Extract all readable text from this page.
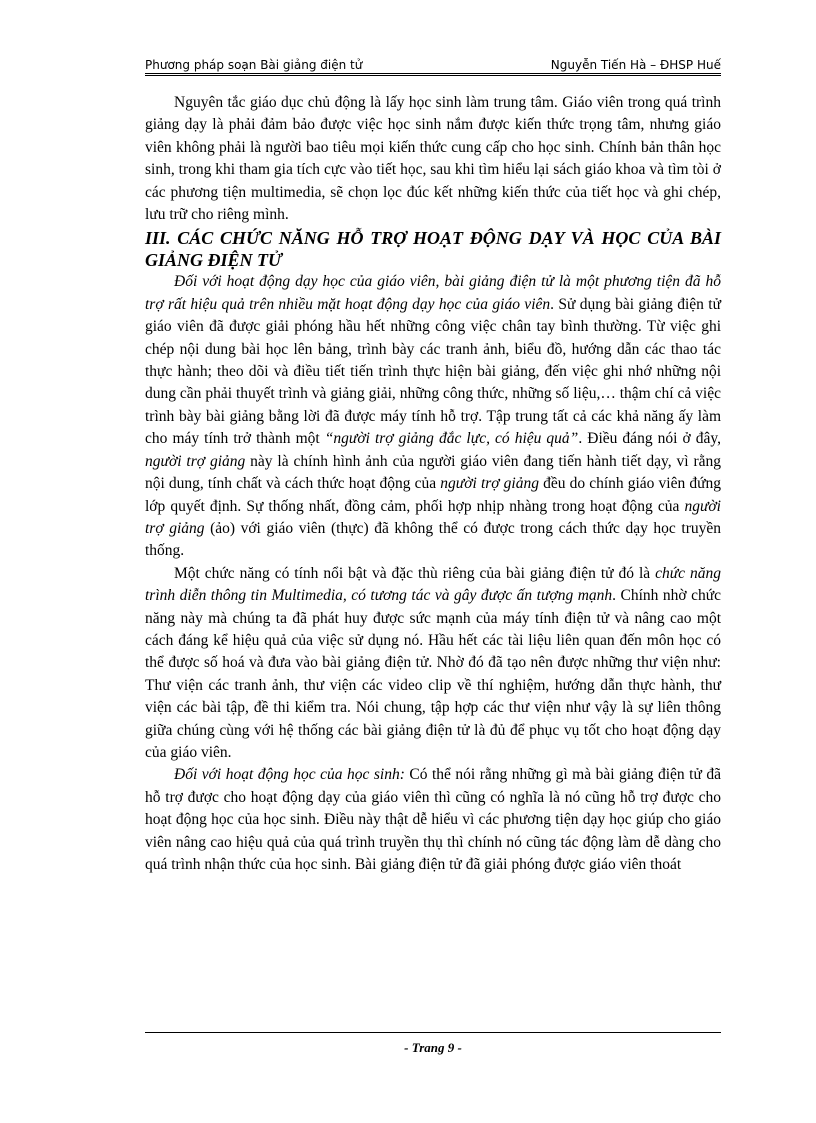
Phương pháp soạn Bài giảng điện tử	Nguyễn Tiến Hà – ĐHSP Huế

Nguyên tắc giáo dục chủ động là lấy học sinh làm trung tâm. Giáo viên trong quá trình giảng dạy là phải đảm bảo được việc học sinh nắm được kiến thức trọng tâm, nhưng giáo viên không phải là người bao tiêu mọi kiến thức cung cấp cho học sinh. Chính bản thân học sinh, trong khi tham gia tích cực vào tiết học, sau khi tìm hiểu lại sách giáo khoa và tìm tòi ở các phương tiện multimedia, sẽ chọn lọc đúc kết những kiến thức của tiết học và ghi chép, lưu trữ cho riêng mình.

III. CÁC CHỨC NĂNG HỖ TRỢ HOẠT ĐỘNG DẠY VÀ HỌC CỦA BÀI GIẢNG ĐIỆN TỬ

Đối với hoạt động dạy học của giáo viên, bài giảng điện tử là một phương tiện đã hỗ trợ rất hiệu quả trên nhiều mặt hoạt động dạy học của giáo viên. Sử dụng bài giảng điện tử giáo viên đã được giải phóng hầu hết những công việc chân tay bình thường. Từ việc ghi chép nội dung bài học lên bảng, trình bày các tranh ảnh, biểu đồ, hướng dẫn các thao tác thực hành; theo dõi và điều tiết tiến trình thực hiện bài giảng, đến việc ghi nhớ những nội dung cần phải thuyết trình và giảng giải, những công thức, những số liệu,… thậm chí cả việc trình bày bài giảng bằng lời đã được máy tính hỗ trợ. Tập trung tất cả các khả năng ấy làm cho máy tính trở thành một “người trợ giảng đắc lực, có hiệu quả”. Điều đáng nói ở đây, người trợ giảng này là chính hình ảnh của người giáo viên đang tiến hành tiết dạy, vì rằng nội dung, tính chất và cách thức hoạt động của người trợ giảng đều do chính giáo viên đứng lớp quyết định. Sự thống nhất, đồng cảm, phối hợp nhịp nhàng trong hoạt động của người trợ giảng (ảo) với giáo viên (thực) đã không thể có được trong cách thức dạy học truyền thống.

Một chức năng có tính nổi bật và đặc thù riêng của bài giảng điện tử đó là chức năng trình diễn thông tin Multimedia, có tương tác và gây được ấn tượng mạnh. Chính nhờ chức năng này mà chúng ta đã phát huy được sức mạnh của máy tính điện tử và nâng cao một cách đáng kể hiệu quả của việc sử dụng nó. Hầu hết các tài liệu liên quan đến môn học có thể được số hoá và đưa vào bài giảng điện tử. Nhờ đó đã tạo nên được những thư viện như: Thư viện các tranh ảnh, thư viện các video clip về thí nghiệm, hướng dẫn thực hành, thư viện các bài tập, đề thi kiểm tra. Nói chung, tập hợp các thư viện như vậy là sự liên thông giữa chúng cùng với hệ thống các bài giảng điện tử là đủ để phục vụ tốt cho hoạt động dạy của giáo viên.

Đối với hoạt động học của học sinh: Có thể nói rằng những gì mà bài giảng điện tử đã hỗ trợ được cho hoạt động dạy của giáo viên thì cũng có nghĩa là nó cũng hỗ trợ được cho hoạt động học của học sinh. Điều này thật dễ hiểu vì các phương tiện dạy học giúp cho giáo viên nâng cao hiệu quả của quá trình truyền thụ thì chính nó cũng tác động làm dễ dàng cho quá trình nhận thức của học sinh. Bài giảng điện tử đã giải phóng được giáo viên thoát

- Trang 9 -
